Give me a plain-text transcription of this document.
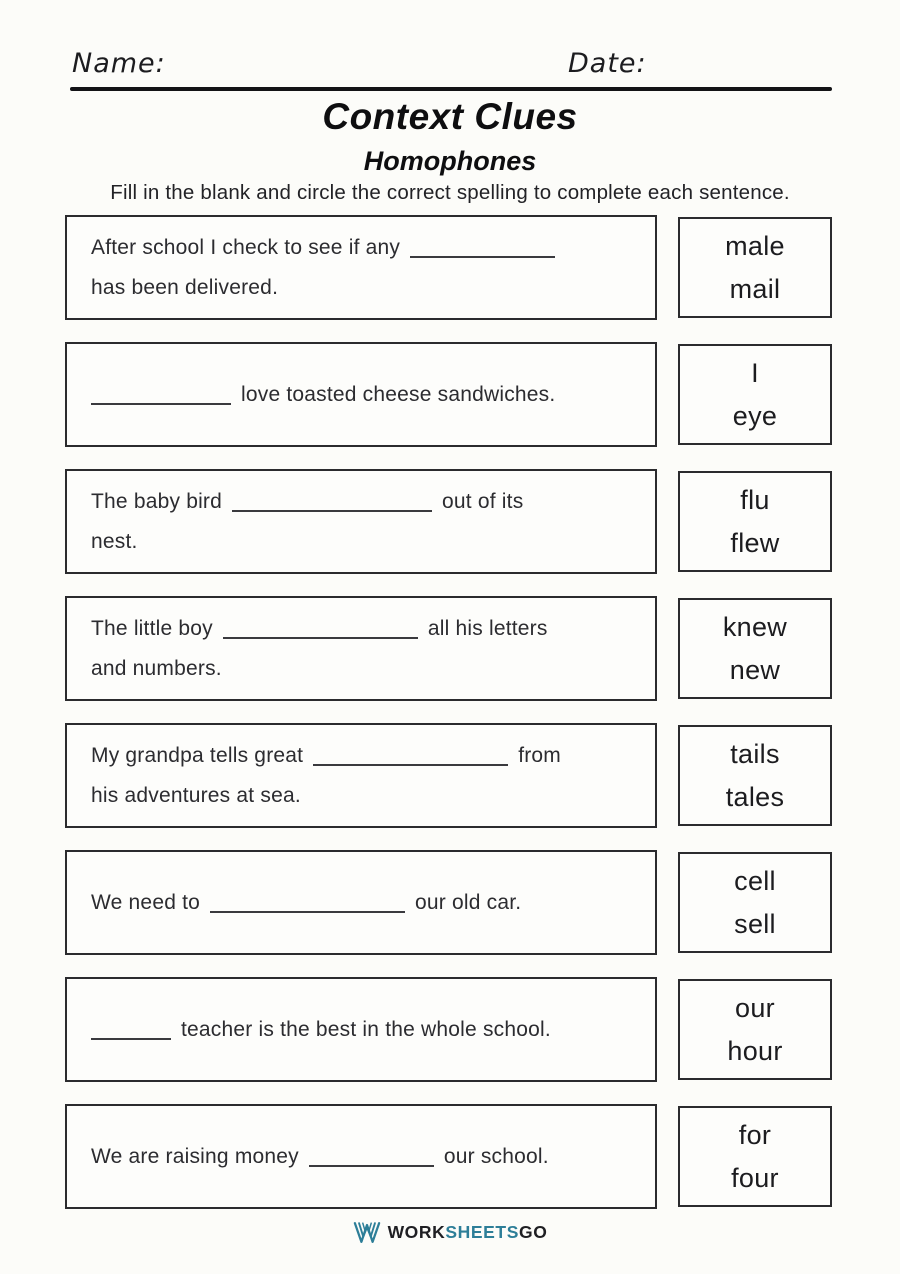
Name:	Date:
Context Clues
Homophones
Fill in the blank and circle the correct spelling to complete each sentence.

After school I check to see if any
has been delivered.

male
mail

love toasted cheese sandwiches.

I
eye

The baby bird	out of its
nest.

flu
flew

The little boy	all his letters
and numbers.

knew
new

My grandpa tells great	from
his adventures at sea.

tails
tales

We need to	our old car.

cell
sell

teacher is the best in the whole school.

our
hour

We are raising money	our school.

for
four
WORKSHEETSGO
